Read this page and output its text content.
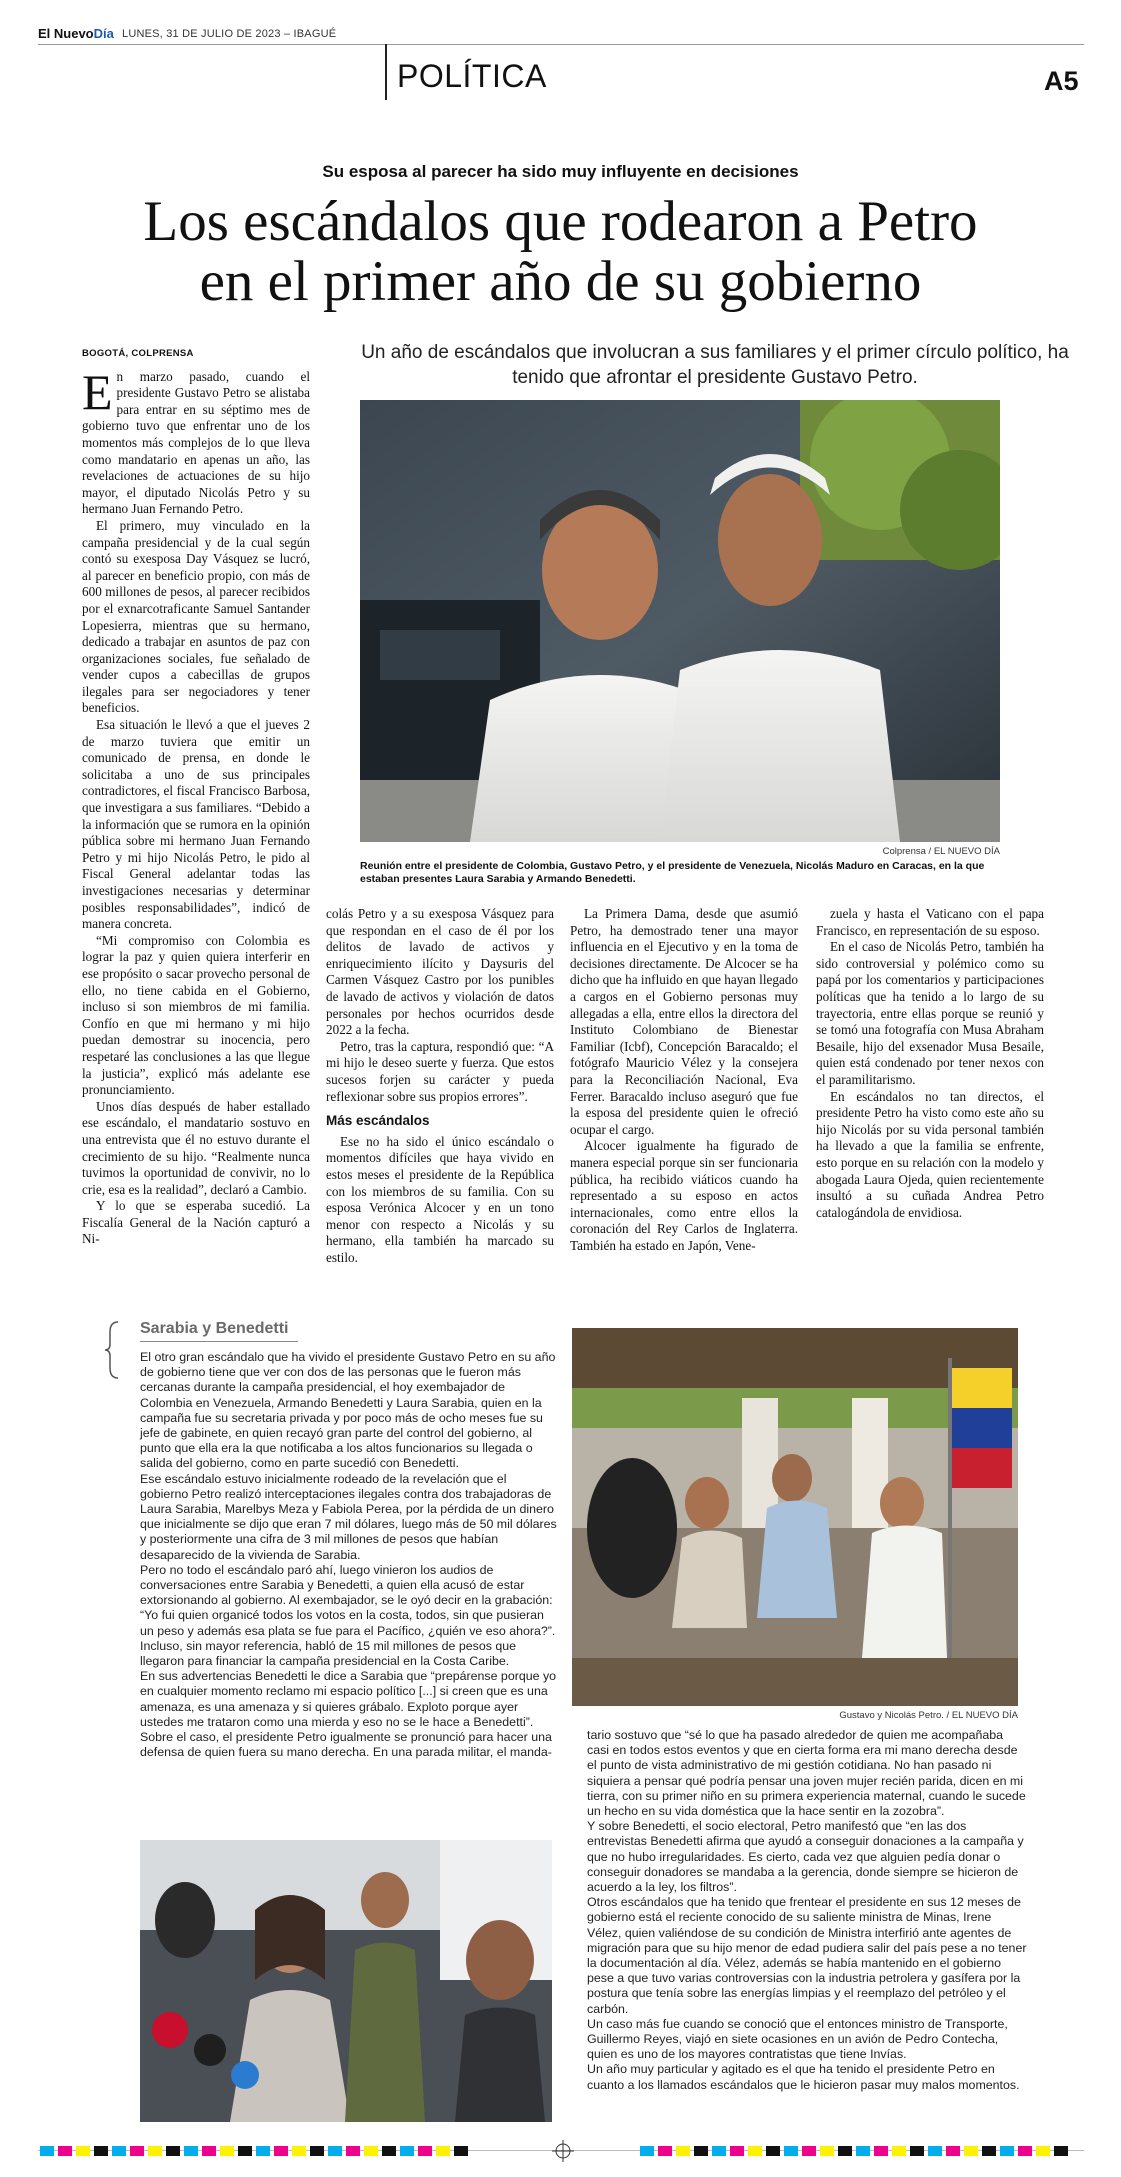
El NuevoDía LUNES, 31 DE JULIO DE 2023 – IBAGUÉ
POLÍTICA	A5
Su esposa al parecer ha sido muy influyente en decisiones
Los escándalos que rodearon a Petro
en el primer año de su gobierno
Un año de escándalos que involucran a sus familiares y el primer círculo político, ha tenido que afrontar el presidente Gustavo Petro.
BOGOTÁ, COLPRENSA

En marzo pasado, cuando el presidente Gustavo Petro se alistaba para entrar en su séptimo mes de gobierno tuvo que enfrentar uno de los momentos más complejos de lo que lleva como mandatario en apenas un año, las revelaciones de actuaciones de su hijo mayor, el diputado Nicolás Petro y su hermano Juan Fernando Petro.

El primero, muy vinculado en la campaña presidencial y de la cual según contó su exesposa Day Vásquez se lucró, al parecer en beneficio propio, con más de 600 millones de pesos, al parecer recibidos por el exnarcotraficante Samuel Santander Lopesierra, mientras que su hermano, dedicado a trabajar en asuntos de paz con organizaciones sociales, fue señalado de vender cupos a cabecillas de grupos ilegales para ser negociadores y tener beneficios.

Esa situación le llevó a que el jueves 2 de marzo tuviera que emitir un comunicado de prensa, en donde le solicitaba a uno de sus principales contradictores, el fiscal Francisco Barbosa, que investigara a sus familiares. “Debido a la información que se rumora en la opinión pública sobre mi hermano Juan Fernando Petro y mi hijo Nicolás Petro, le pido al Fiscal General adelantar todas las investigaciones necesarias y determinar posibles responsabilidades”, indicó de manera concreta.

“Mi compromiso con Colombia es lograr la paz y quien quiera interferir en ese propósito o sacar provecho personal de ello, no tiene cabida en el Gobierno, incluso si son miembros de mi familia. Confío en que mi hermano y mi hijo puedan demostrar su inocencia, pero respetaré las conclusiones a las que llegue la justicia”, explicó más adelante ese pronunciamiento.

Unos días después de haber estallado ese escándalo, el mandatario sostuvo en una entrevista que él no estuvo durante el crecimiento de su hijo. “Realmente nunca tuvimos la oportunidad de convivir, no lo crie, esa es la realidad”, declaró a Cambio.

Y lo que se esperaba sucedió. La Fiscalía General de la Nación capturó a Ni-

Colprensa / EL NUEVO DÍA
Reunión entre el presidente de Colombia, Gustavo Petro, y el presidente de Venezuela, Nicolás Maduro en Caracas, en la que estaban presentes Laura Sarabia y Armando Benedetti.

colás Petro y a su exesposa Vásquez para que respondan en el caso de él por los delitos de lavado de activos y enriquecimiento ilícito y Daysuris del Carmen Vásquez Castro por los punibles de lavado de activos y violación de datos personales por hechos ocurridos desde 2022 a la fecha.

Petro, tras la captura, respondió que: “A mi hijo le deseo suerte y fuerza. Que estos sucesos forjen su carácter y pueda reflexionar sobre sus propios errores”.

Más escándalos

Ese no ha sido el único escándalo o momentos difíciles que haya vivido en estos meses el presidente de la República con los miembros de su familia. Con su esposa Verónica Alcocer y en un tono menor con respecto a Nicolás y su hermano, ella también ha marcado su estilo.

La Primera Dama, desde que asumió Petro, ha demostrado tener una mayor influencia en el Ejecutivo y en la toma de decisiones directamente. De Alcocer se ha dicho que ha influido en que hayan llegado a cargos en el Gobierno personas muy allegadas a ella, entre ellos la directora del Instituto Colombiano de Bienestar Familiar (Icbf), Concepción Baracaldo; el fotógrafo Mauricio Vélez y la consejera para la Reconciliación Nacional, Eva Ferrer. Baracaldo incluso aseguró que fue la esposa del presidente quien le ofreció ocupar el cargo.

Alcocer igualmente ha figurado de manera especial porque sin ser funcionaria pública, ha recibido viáticos cuando ha representado a su esposo en actos internacionales, como entre ellos la coronación del Rey Carlos de Inglaterra. También ha estado en Japón, Vene-

zuela y hasta el Vaticano con el papa Francisco, en representación de su esposo.

En el caso de Nicolás Petro, también ha sido controversial y polémico como su papá por los comentarios y participaciones políticas que ha tenido a lo largo de su trayectoria, entre ellas porque se reunió y se tomó una fotografía con Musa Abraham Besaile, hijo del exsenador Musa Besaile, quien está condenado por tener nexos con el paramilitarismo.

En escándalos no tan directos, el presidente Petro ha visto como este año su hijo Nicolás por su vida personal también ha llevado a que la familia se enfrente, esto porque en su relación con la modelo y abogada Laura Ojeda, quien recientemente insultó a su cuñada Andrea Petro catalogándola de envidiosa.

Sarabia y Benedetti

El otro gran escándalo que ha vivido el presidente Gustavo Petro en su año de gobierno tiene que ver con dos de las personas que le fueron más cercanas durante la campaña presidencial, el hoy exembajador de Colombia en Venezuela, Armando Benedetti y Laura Sarabia, quien en la campaña fue su secretaria privada y por poco más de ocho meses fue su jefe de gabinete, en quien recayó gran parte del control del gobierno, al punto que ella era la que notificaba a los altos funcionarios su llegada o salida del gobierno, como en parte sucedió con Benedetti.

Ese escándalo estuvo inicialmente rodeado de la revelación que el gobierno Petro realizó interceptaciones ilegales contra dos trabajadoras de Laura Sarabia, Marelbys Meza y Fabiola Perea, por la pérdida de un dinero que inicialmente se dijo que eran 7 mil dólares, luego más de 50 mil dólares y posteriormente una cifra de 3 mil millones de pesos que habían desaparecido de la vivienda de Sarabia.

Pero no todo el escándalo paró ahí, luego vinieron los audios de conversaciones entre Sarabia y Benedetti, a quien ella acusó de estar extorsionando al gobierno. Al exembajador, se le oyó decir en la grabación: “Yo fui quien organicé todos los votos en la costa, todos, sin que pusieran un peso y además esa plata se fue para el Pacífico, ¿quién ve eso ahora?”. Incluso, sin mayor referencia, habló de 15 mil millones de pesos que llegaron para financiar la campaña presidencial en la Costa Caribe.

En sus advertencias Benedetti le dice a Sarabia que “prepárense porque yo en cualquier momento reclamo mi espacio político [...] si creen que es una amenaza, es una amenaza y si quieres grábalo. Exploto porque ayer ustedes me trataron como una mierda y eso no se le hace a Benedetti”.

Sobre el caso, el presidente Petro igualmente se pronunció para hacer una defensa de quien fuera su mano derecha. En una parada militar, el manda-

Gustavo y Nicolás Petro. / EL NUEVO DÍA

tario sostuvo que “sé lo que ha pasado alrededor de quien me acompañaba casi en todos estos eventos y que en cierta forma era mi mano derecha desde el punto de vista administrativo de mi gestión cotidiana. No han pasado ni siquiera a pensar qué podría pensar una joven mujer recién parida, dicen en mi tierra, con su primer niño en su primera experiencia maternal, cuando le sucede un hecho en su vida doméstica que la hace sentir en la zozobra”.

Y sobre Benedetti, el socio electoral, Petro manifestó que “en las dos entrevistas Benedetti afirma que ayudó a conseguir donaciones a la campaña y que no hubo irregularidades. Es cierto, cada vez que alguien pedía donar o conseguir donadores se mandaba a la gerencia, donde siempre se hicieron de acuerdo a la ley, los filtros”.

Otros escándalos que ha tenido que frentear el presidente en sus 12 meses de gobierno está el reciente conocido de su saliente ministra de Minas, Irene Vélez, quien valiéndose de su condición de Ministra interfirió ante agentes de migración para que su hijo menor de edad pudiera salir del país pese a no tener la documentación al día. Vélez, además se había mantenido en el gobierno pese a que tuvo varias controversias con la industria petrolera y gasífera por la postura que tenía sobre las energías limpias y el reemplazo del petróleo y el carbón.

Un caso más fue cuando se conoció que el entonces ministro de Transporte, Guillermo Reyes, viajó en siete ocasiones en un avión de Pedro Contecha, quien es uno de los mayores contratistas que tiene Invías.

Un año muy particular y agitado es el que ha tenido el presidente Petro en cuanto a los llamados escándalos que le hicieron pasar muy malos momentos.
